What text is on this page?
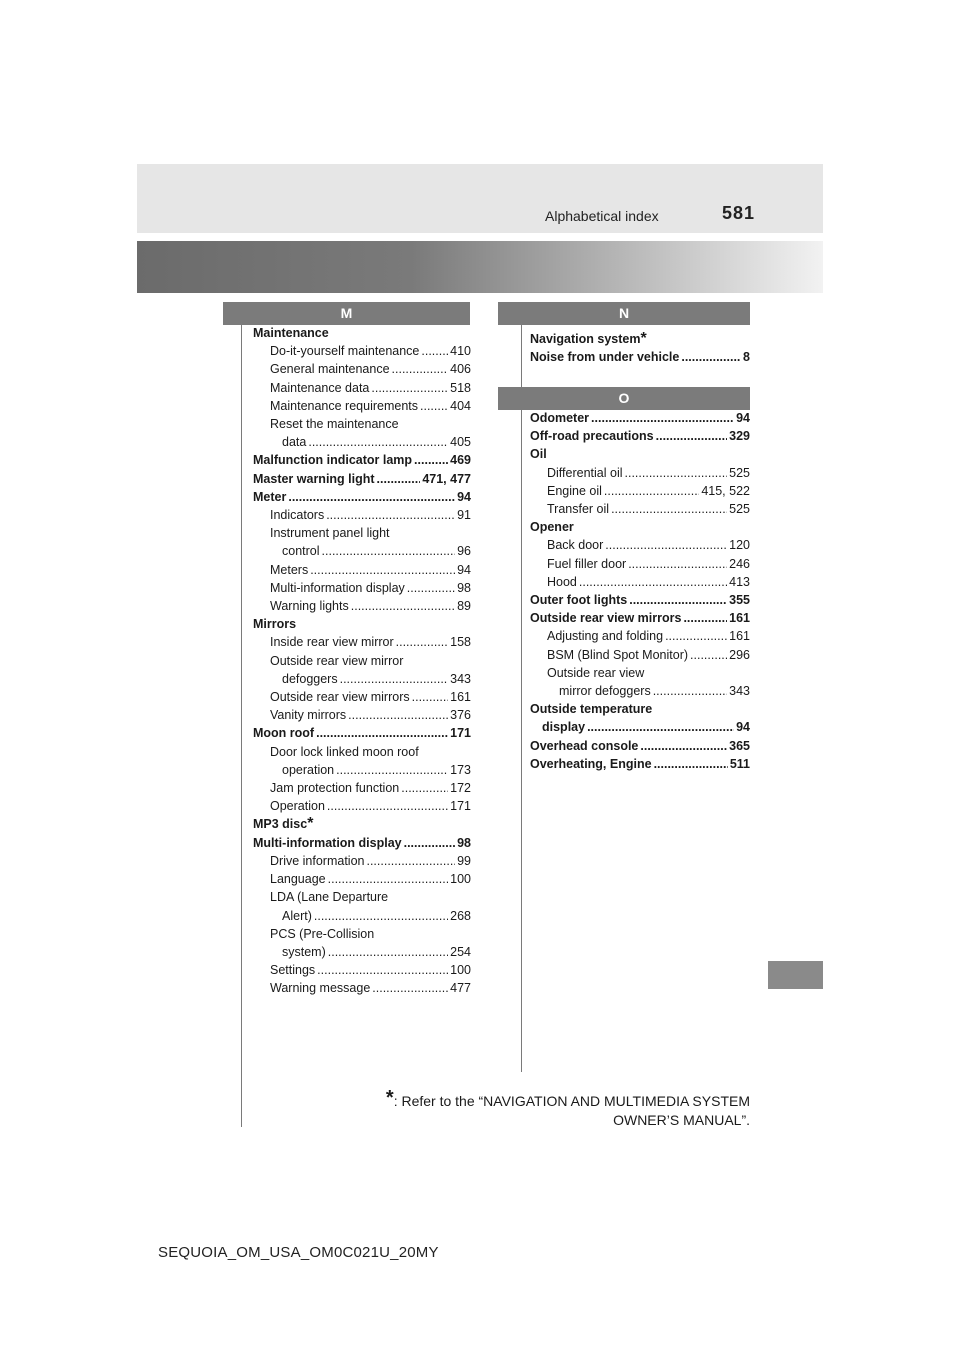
Alphabetical index	581
M	N
O
Maintenance
Do-it-yourself maintenance ..... 410
General maintenance .....	406
Maintenance data .....	518
Maintenance requirements .....	404
Reset the maintenance
data .....	405
Malfunction indicator lamp .....	469
Master warning light .....	471, 477
Meter .....	94
Indicators .....	91
Instrument panel light
control .....	96
Meters .....	94
Multi-information display .....	98
Warning lights .....	89
Mirrors
Inside rear view mirror .....	158
Outside rear view mirror
defoggers .....	343
Outside rear view mirrors .....	161
Vanity mirrors .....	376
Moon roof .....	171
Door lock linked moon roof
operation .....	173
Jam protection function .....	172
Operation .....	171
MP3 disc *
Multi-information display .....	98
Drive information .....	99
Language .....	100
LDA (Lane Departure
Alert) .....	268
PCS (Pre-Collision
system) .....	254
Settings .....	100
Warning message .....	477
Navigation system *
Noise from under vehicle .....	8
Odometer .....	94
Off-road precautions .....	329
Oil
Differential oil .....	525
Engine oil .....	415, 522
Transfer oil .....	525
Opener
Back door .....	120
Fuel filler door .....	246
Hood .....	413
Outer foot lights .....	355
Outside rear view mirrors .....	161
Adjusting and folding .....	161
BSM (Blind Spot Monitor) .....	296
Outside rear view
mirror defoggers .....	343
Outside temperature
display .....	94
Overhead console .....	365
Overheating, Engine .....	511
*: Refer to the “NAVIGATION AND MULTIMEDIA SYSTEM
OWNER’S MANUAL”.
SEQUOIA_OM_USA_OM0C021U_20MY
